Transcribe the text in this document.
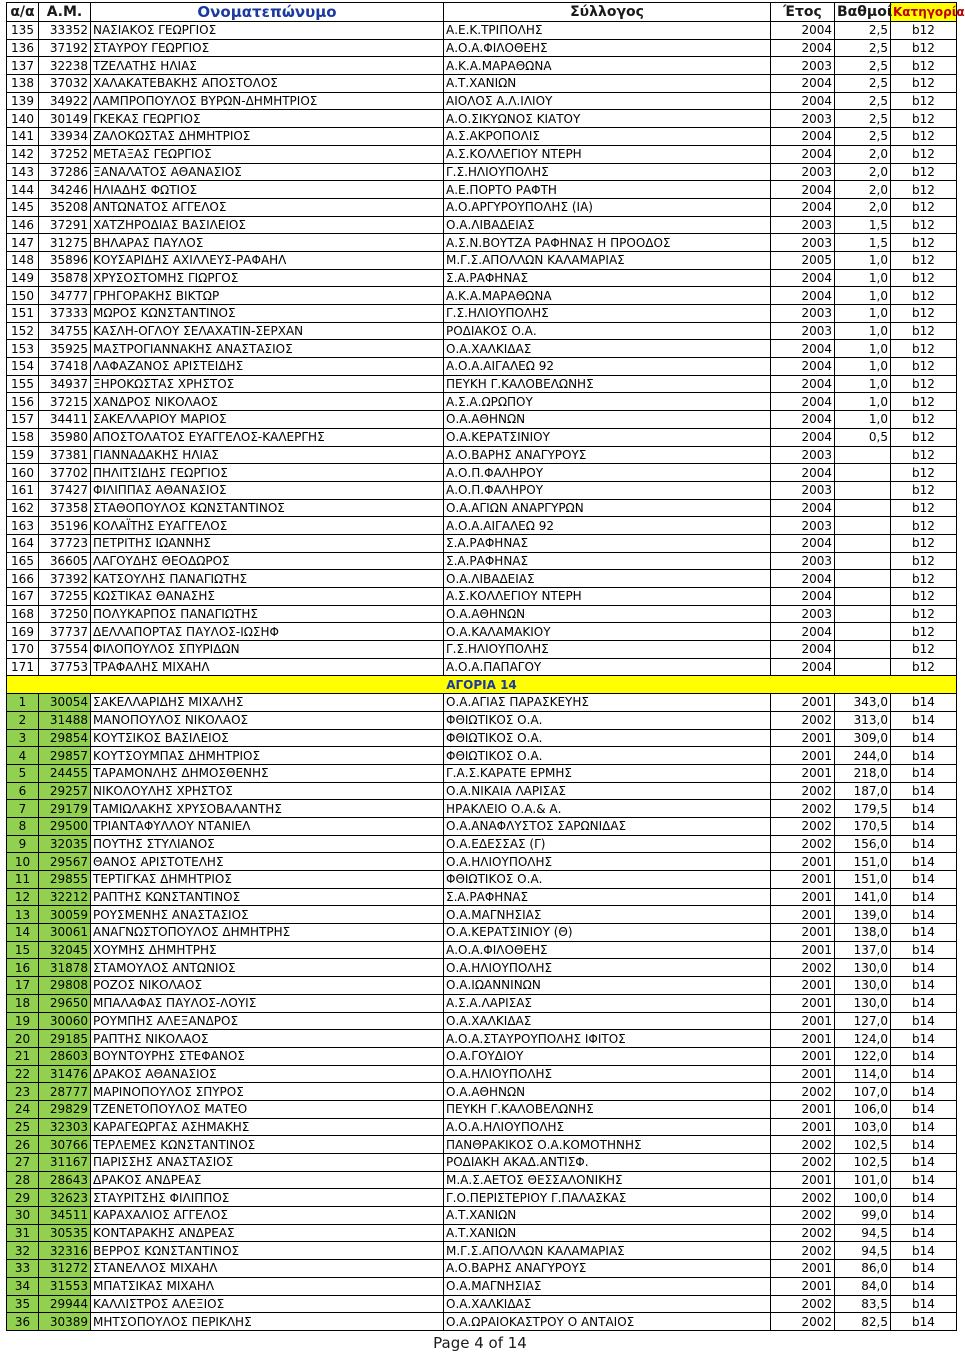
α/α	Α.Μ.	Ονοματεπώνυμο	Σύλλογος	Έτος	Βαθμοί	Κατηγορία
135	33352	ΝΑΣΙΑΚΟΣ ΓΕΩΡΓΙΟΣ	Α.Ε.Κ.ΤΡΙΠΟΛΗΣ	2004	2,5	b12
136	37192	ΣΤΑΥΡΟΥ ΓΕΩΡΓΙΟΣ	Α.Ο.Α.ΦΙΛΟΘΕΗΣ	2004	2,5	b12
137	32238	ΤΖΕΛΑΤΗΣ ΗΛΙΑΣ	Α.Κ.Α.ΜΑΡΑΘΩΝΑ	2003	2,5	b12
138	37032	ΧΑΛΑΚΑΤΕΒΑΚΗΣ ΑΠΟΣΤΟΛΟΣ	Α.Τ.ΧΑΝΙΩΝ	2004	2,5	b12
139	34922	ΛΑΜΠΡΟΠΟΥΛΟΣ ΒΥΡΩΝ-ΔΗΜΗΤΡΙΟΣ	ΑΙΟΛΟΣ Α.Λ.ΙΛΙΟΥ	2004	2,5	b12
140	30149	ΓΚΕΚΑΣ ΓΕΩΡΓΙΟΣ	Α.Ο.ΣΙΚΥΩΝΟΣ ΚΙΑΤΟΥ	2003	2,5	b12
141	33934	ΖΑΛΟΚΩΣΤΑΣ ΔΗΜΗΤΡΙΟΣ	Α.Σ.ΑΚΡΟΠΟΛΙΣ	2004	2,5	b12
142	37252	ΜΕΤΑΞΑΣ ΓΕΩΡΓΙΟΣ	Α.Σ.ΚΟΛΛΕΓΙΟΥ ΝΤΕΡΗ	2004	2,0	b12
143	37286	ΞΑΝΑΛΑΤΟΣ ΑΘΑΝΑΣΙΟΣ	Γ.Σ.ΗΛΙΟΥΠΟΛΗΣ	2003	2,0	b12
144	34246	ΗΛΙΑΔΗΣ ΦΩΤΙΟΣ	Α.Ε.ΠΟΡΤΟ ΡΑΦΤΗ	2004	2,0	b12
145	35208	ΑΝΤΩΝΑΤΟΣ ΑΓΓΕΛΟΣ	Α.Ο.ΑΡΓΥΡΟΥΠΟΛΗΣ (ΙΑ)	2004	2,0	b12
146	37291	ΧΑΤΖΗΡΟΔΙΑΣ ΒΑΣΙΛΕΙΟΣ	Ο.Α.ΛΙΒΑΔΕΙΑΣ	2003	1,5	b12
147	31275	ΒΗΛΑΡΑΣ ΠΑΥΛΟΣ	Α.Σ.Ν.ΒΟΥΤΖΑ ΡΑΦΗΝΑΣ Η ΠΡΟΟΔΟΣ	2003	1,5	b12
148	35896	ΚΟΥΣΑΡΙΔΗΣ ΑΧΙΛΛΕΥΣ-ΡΑΦΑΗΛ	Μ.Γ.Σ.ΑΠΟΛΛΩΝ ΚΑΛΑΜΑΡΙΑΣ	2005	1,0	b12
149	35878	ΧΡΥΣΟΣΤΟΜΗΣ ΓΙΩΡΓΟΣ	Σ.Α.ΡΑΦΗΝΑΣ	2004	1,0	b12
150	34777	ΓΡΗΓΟΡΑΚΗΣ ΒΙΚΤΩΡ	Α.Κ.Α.ΜΑΡΑΘΩΝΑ	2004	1,0	b12
151	37333	ΜΩΡΟΣ ΚΩΝΣΤΑΝΤΙΝΟΣ	Γ.Σ.ΗΛΙΟΥΠΟΛΗΣ	2003	1,0	b12
152	34755	ΚΑΣΛΗ-ΟΓΛΟΥ ΣΕΛΑΧΑΤΙΝ-ΣΕΡΧΑΝ	ΡΟΔΙΑΚΟΣ Ο.Α.	2003	1,0	b12
153	35925	ΜΑΣΤΡΟΓΙΑΝΝΑΚΗΣ ΑΝΑΣΤΑΣΙΟΣ	Ο.Α.ΧΑΛΚΙΔΑΣ	2004	1,0	b12
154	37418	ΛΑΦΑΖΑΝΟΣ ΑΡΙΣΤΕΙΔΗΣ	Α.Ο.Α.ΑΙΓΑΛΕΩ 92	2004	1,0	b12
155	34937	ΞΗΡΟΚΩΣΤΑΣ ΧΡΗΣΤΟΣ	ΠΕΥΚΗ Γ.ΚΑΛΟΒΕΛΩΝΗΣ	2004	1,0	b12
156	37215	ΧΑΝΔΡΟΣ ΝΙΚΟΛΑΟΣ	Α.Σ.Α.ΩΡΩΠΟΥ	2004	1,0	b12
157	34411	ΣΑΚΕΛΛΑΡΙΟΥ ΜΑΡΙΟΣ	Ο.Α.ΑΘΗΝΩΝ	2004	1,0	b12
158	35980	ΑΠΟΣΤΟΛΑΤΟΣ ΕΥΑΓΓΕΛΟΣ-ΚΑΛΕΡΓΗΣ	Ο.Α.ΚΕΡΑΤΣΙΝΙΟΥ	2004	0,5	b12
159	37381	ΓΙΑΝΝΑΔΑΚΗΣ ΗΛΙΑΣ	Α.Ο.ΒΑΡΗΣ ΑΝΑΓΥΡΟΥΣ	2003		b12
160	37702	ΠΗΛΙΤΣΙΔΗΣ ΓΕΩΡΓΙΟΣ	Α.Ο.Π.ΦΑΛΗΡΟΥ	2004		b12
161	37427	ΦΙΛΙΠΠΑΣ ΑΘΑΝΑΣΙΟΣ	Α.Ο.Π.ΦΑΛΗΡΟΥ	2003		b12
162	37358	ΣΤΑΘΟΠΟΥΛΟΣ ΚΩΝΣΤΑΝΤΙΝΟΣ	Ο.Α.ΑΓΙΩΝ ΑΝΑΡΓΥΡΩΝ	2004		b12
163	35196	ΚΟΛΑΪΤΗΣ ΕΥΑΓΓΕΛΟΣ	Α.Ο.Α.ΑΙΓΑΛΕΩ 92	2003		b12
164	37723	ΠΕΤΡΙΤΗΣ ΙΩΑΝΝΗΣ	Σ.Α.ΡΑΦΗΝΑΣ	2004		b12
165	36605	ΛΑΓΟΥΔΗΣ ΘΕΟΔΩΡΟΣ	Σ.Α.ΡΑΦΗΝΑΣ	2003		b12
166	37392	ΚΑΤΣΟΥΛΗΣ ΠΑΝΑΓΙΩΤΗΣ	Ο.Α.ΛΙΒΑΔΕΙΑΣ	2004		b12
167	37255	ΚΩΣΤΙΚΑΣ ΘΑΝΑΣΗΣ	Α.Σ.ΚΟΛΛΕΓΙΟΥ ΝΤΕΡΗ	2004		b12
168	37250	ΠΟΛΥΚΑΡΠΟΣ ΠΑΝΑΓΙΩΤΗΣ	Ο.Α.ΑΘΗΝΩΝ	2003		b12
169	37737	ΔΕΛΛΑΠΟΡΤΑΣ ΠΑΥΛΟΣ-ΙΩΣΗΦ	Ο.Α.ΚΑΛΑΜΑΚΙΟΥ	2004		b12
170	37554	ΦΙΛΟΠΟΥΛΟΣ ΣΠΥΡΙΔΩΝ	Γ.Σ.ΗΛΙΟΥΠΟΛΗΣ	2004		b12
171	37753	ΤΡΑΦΑΛΗΣ ΜΙΧΑΗΛ	Α.Ο.Α.ΠΑΠΑΓΟΥ	2004		b12
ΑΓΟΡΙΑ 14						
1	30054	ΣΑΚΕΛΛΑΡΙΔΗΣ ΜΙΧΑΛΗΣ	Ο.Α.ΑΓΙΑΣ ΠΑΡΑΣΚΕΥΗΣ	2001	343,0	b14
2	31488	ΜΑΝΟΠΟΥΛΟΣ ΝΙΚΟΛΑΟΣ	ΦΘΙΩΤΙΚΟΣ Ο.Α.	2002	313,0	b14
3	29854	ΚΟΥΤΣΙΚΟΣ ΒΑΣΙΛΕΙΟΣ	ΦΘΙΩΤΙΚΟΣ Ο.Α.	2001	309,0	b14
4	29857	ΚΟΥΤΣΟΥΜΠΑΣ ΔΗΜΗΤΡΙΟΣ	ΦΘΙΩΤΙΚΟΣ Ο.Α.	2001	244,0	b14
5	24455	ΤΑΡΑΜΟΝΛΗΣ ΔΗΜΟΣΘΕΝΗΣ	Γ.Α.Σ.ΚΑΡΑΤΕ ΕΡΜΗΣ	2001	218,0	b14
6	29257	ΝΙΚΟΛΟΥΛΗΣ ΧΡΗΣΤΟΣ	Ο.Α.ΝΙΚΑΙΑ ΛΑΡΙΣΑΣ	2002	187,0	b14
7	29179	ΤΑΜΙΩΛΑΚΗΣ ΧΡΥΣΟΒΑΛΑΝΤΗΣ	ΗΡΑΚΛΕΙΟ Ο.Α.& Α.	2002	179,5	b14
8	29500	ΤΡΙΑΝΤΑΦΥΛΛΟΥ ΝΤΑΝΙΕΛ	Ο.Α.ΑΝΑΦΛΥΣΤΟΣ ΣΑΡΩΝΙΔΑΣ	2002	170,5	b14
9	32035	ΠΟΥΤΗΣ ΣΤΥΛΙΑΝΟΣ	Ο.Α.ΕΔΕΣΣΑΣ (Γ)	2002	156,0	b14
10	29567	ΘΑΝΟΣ ΑΡΙΣΤΟΤΕΛΗΣ	Ο.Α.ΗΛΙΟΥΠΟΛΗΣ	2001	151,0	b14
11	29855	ΤΕΡΤΙΓΚΑΣ ΔΗΜΗΤΡΙΟΣ	ΦΘΙΩΤΙΚΟΣ Ο.Α.	2001	151,0	b14
12	32212	ΡΑΠΤΗΣ ΚΩΝΣΤΑΝΤΙΝΟΣ	Σ.Α.ΡΑΦΗΝΑΣ	2001	141,0	b14
13	30059	ΡΟΥΣΜΕΝΗΣ ΑΝΑΣΤΑΣΙΟΣ	Ο.Α.ΜΑΓΝΗΣΙΑΣ	2001	139,0	b14
14	30061	ΑΝΑΓΝΩΣΤΟΠΟΥΛΟΣ ΔΗΜΗΤΡΗΣ	Ο.Α.ΚΕΡΑΤΣΙΝΙΟΥ (Θ)	2001	138,0	b14
15	32045	ΧΟΥΜΗΣ ΔΗΜΗΤΡΗΣ	Α.Ο.Α.ΦΙΛΟΘΕΗΣ	2001	137,0	b14
16	31878	ΣΤΑΜΟΥΛΟΣ ΑΝΤΩΝΙΟΣ	Ο.Α.ΗΛΙΟΥΠΟΛΗΣ	2002	130,0	b14
17	29808	ΡΟΖΟΣ ΝΙΚΟΛΑΟΣ	Ο.Α.ΙΩΑΝΝΙΝΩΝ	2001	130,0	b14
18	29650	ΜΠΑΛΑΦΑΣ ΠΑΥΛΟΣ-ΛΟΥΙΣ	Α.Σ.Α.ΛΑΡΙΣΑΣ	2001	130,0	b14
19	30060	ΡΟΥΜΠΗΣ ΑΛΕΞΑΝΔΡΟΣ	Ο.Α.ΧΑΛΚΙΔΑΣ	2001	127,0	b14
20	29185	ΡΑΠΤΗΣ ΝΙΚΟΛΑΟΣ	Α.Ο.Α.ΣΤΑΥΡΟΥΠΟΛΗΣ ΙΦΙΤΟΣ	2001	124,0	b14
21	28603	ΒΟΥΝΤΟΥΡΗΣ ΣΤΕΦΑΝΟΣ	Ο.Α.ΓΟΥΔΙΟΥ	2001	122,0	b14
22	31476	ΔΡΑΚΟΣ ΑΘΑΝΑΣΙΟΣ	Ο.Α.ΗΛΙΟΥΠΟΛΗΣ	2001	114,0	b14
23	28777	ΜΑΡΙΝΟΠΟΥΛΟΣ ΣΠΥΡΟΣ	Ο.Α.ΑΘΗΝΩΝ	2002	107,0	b14
24	29829	ΤΖΕΝΕΤΟΠΟΥΛΟΣ ΜΑΤΕΟ	ΠΕΥΚΗ Γ.ΚΑΛΟΒΕΛΩΝΗΣ	2001	106,0	b14
25	32303	ΚΑΡΑΓΕΩΡΓΑΣ ΑΣΗΜΑΚΗΣ	Α.Ο.Α.ΗΛΙΟΥΠΟΛΗΣ	2001	103,0	b14
26	30766	ΤΕΡΛΕΜΕΣ ΚΩΝΣΤΑΝΤΙΝΟΣ	ΠΑΝΘΡΑΚΙΚΟΣ Ο.Α.ΚΟΜΟΤΗΝΗΣ	2002	102,5	b14
27	31167	ΠΑΡΙΣΣΗΣ ΑΝΑΣΤΑΣΙΟΣ	ΡΟΔΙΑΚΗ ΑΚΑΔ.ΑΝΤΙΣΦ.	2002	102,5	b14
28	28643	ΔΡΑΚΟΣ ΑΝΔΡΕΑΣ	Μ.Α.Σ.ΑΕΤΟΣ ΘΕΣΣΑΛΟΝΙΚΗΣ	2001	101,0	b14
29	32623	ΣΤΑΥΡΙΤΣΗΣ ΦΙΛΙΠΠΟΣ	Γ.Ο.ΠΕΡΙΣΤΕΡΙΟΥ Γ.ΠΑΛΑΣΚΑΣ	2002	100,0	b14
30	34511	ΚΑΡΑΧΑΛΙΟΣ ΑΓΓΕΛΟΣ	Α.Τ.ΧΑΝΙΩΝ	2002	99,0	b14
31	30535	ΚΟΝΤΑΡΑΚΗΣ ΑΝΔΡΕΑΣ	Α.Τ.ΧΑΝΙΩΝ	2002	94,5	b14
32	32316	ΒΕΡΡΟΣ ΚΩΝΣΤΑΝΤΙΝΟΣ	Μ.Γ.Σ.ΑΠΟΛΛΩΝ ΚΑΛΑΜΑΡΙΑΣ	2002	94,5	b14
33	31272	ΣΤΑΝΕΛΛΟΣ ΜΙΧΑΗΛ	Α.Ο.ΒΑΡΗΣ ΑΝΑΓΥΡΟΥΣ	2001	86,0	b14
34	31553	ΜΠΑΤΣΙΚΑΣ ΜΙΧΑΗΛ	Ο.Α.ΜΑΓΝΗΣΙΑΣ	2001	84,0	b14
35	29944	ΚΑΛΛΙΣΤΡΟΣ ΑΛΕΞΙΟΣ	Ο.Α.ΧΑΛΚΙΔΑΣ	2002	83,5	b14
36	30389	ΜΗΤΣΟΠΟΥΛΟΣ ΠΕΡΙΚΛΗΣ	Ο.Α.ΩΡΑΙΟΚΑΣΤΡΟΥ Ο ΑΝΤΑΙΟΣ	2002	82,5	b14
Page 4 of 14
